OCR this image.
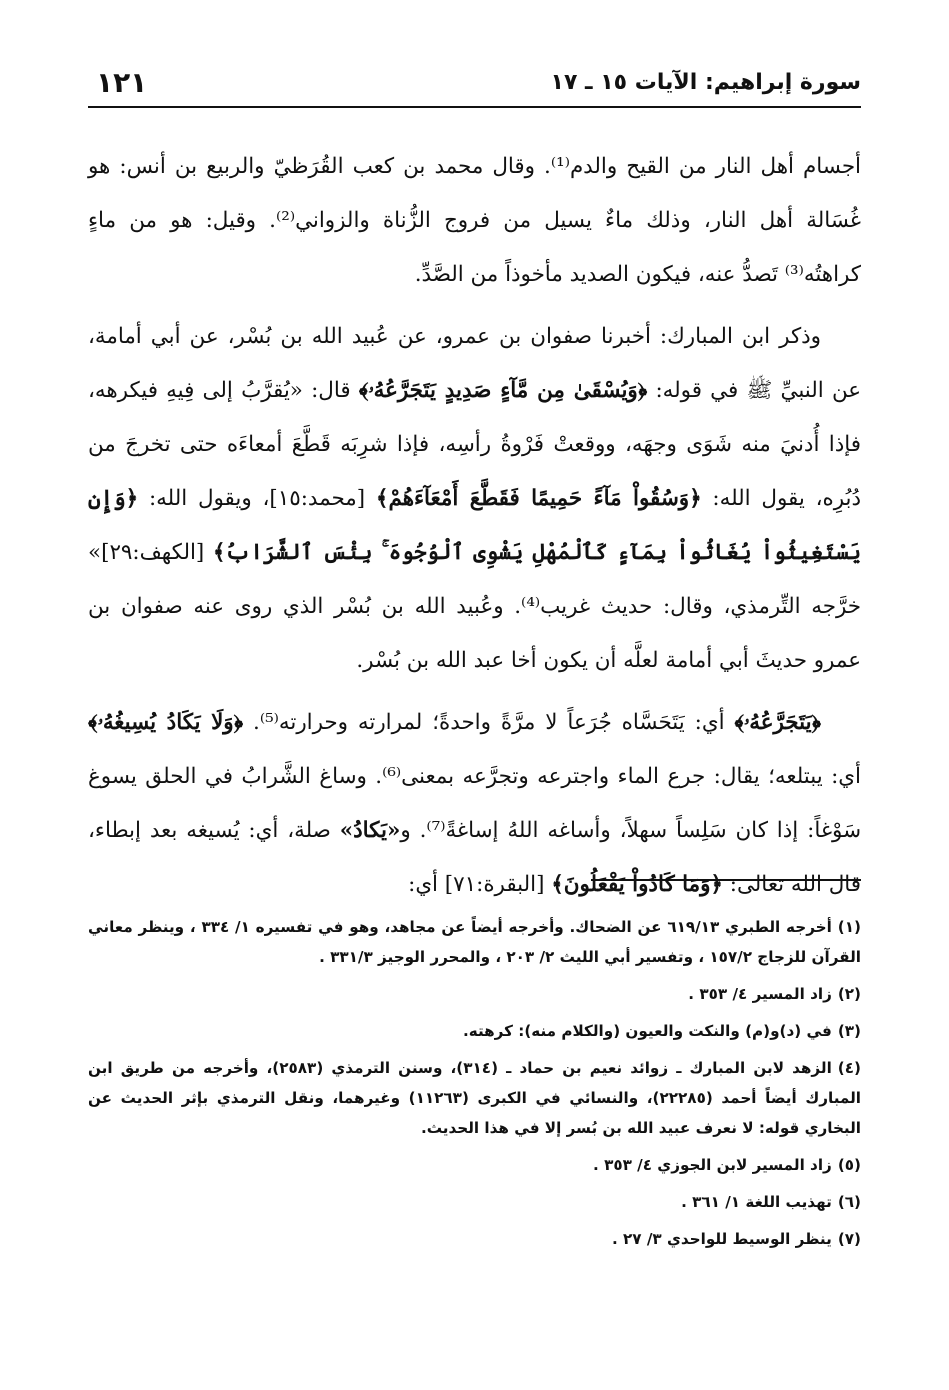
سورة إبراهيم: الآيات ١٥ ـ ١٧
١٢١

أجسام أهل النار من القيح والدم⁽¹⁾. وقال محمد بن كعب القُرَظيّ والربيع بن أنس: هو غُسَالة أهل النار، وذلك ماءٌ يسيل من فروج الزُّناة والزواني⁽²⁾. وقيل: هو من ماءٍ كراهتُه⁽³⁾ تَصدُّ عنه، فيكون الصديد مأخوذاً من الصَّدِّ.

وذكر ابن المبارك: أخبرنا صفوان بن عمرو، عن عُبيد الله بن بُسْر، عن أبي أمامة، عن النبيِّ ﷺ في قوله: ﴿وَيُسْقَىٰ مِن مَّآءٍ صَدِيدٍ يَتَجَرَّعُهُۥ﴾ قال: «يُقرَّبُ إلى فِيهِ فيكرهه، فإذا أُدنيَ منه شَوَى وجهَه، ووقعتْ فَرْوةُ رأسِه، فإذا شرِبَه قَطَّعَ أمعاءَه حتى تخرجَ من دُبُرِه، يقول الله: ﴿وَسُقُواْ مَآءً حَمِيمًا فَقَطَّعَ أَمْعَآءَهُمْ﴾ [محمد:١٥]، ويقول الله: ﴿وَإِن يَسْتَغِيثُواْ يُغَاثُواْ بِمَآءٍ كَٱلْمُهْلِ يَشْوِى ٱلْوُجُوهَ ۚ بِئْسَ ٱلشَّرَابُ﴾ [الكهف:٢٩]» خرَّجه التِّرمذي، وقال: حديث غريب⁽⁴⁾. وعُبيد الله بن بُسْر الذي روى عنه صفوان بن عمرو حديثَ أبي أمامة لعلَّه أن يكون أخا عبد الله بن بُسْر.

﴿يَتَجَرَّعُهُۥ﴾ أي: يَتَحَسَّاه جُرَعاً لا مرَّةً واحدةً؛ لمرارته وحرارته⁽⁵⁾. ﴿وَلَا يَكَادُ يُسِيغُهُۥ﴾ أي: يبتلعه؛ يقال: جرع الماء واجترعه وتجرَّعه بمعنى⁽⁶⁾. وساغ الشَّرابُ في الحلق يسوغ سَوْغاً: إذا كان سَلِساً سهلاً، وأساغه اللهُ إساغةً⁽⁷⁾. و«يَكادُ» صلة، أي: يُسيغه بعد إبطاء، قال الله تعالى: ﴿وَمَا كَادُواْ يَفْعَلُونَ﴾ [البقرة:٧١] أي:

(١)أخرجه الطبري ٦١٩/١٣ عن الضحاك. وأخرجه أيضاً عن مجاهد، وهو في تفسيره ١/ ٣٣٤ ، وينظر معاني القرآن للزجاج ١٥٧/٢ ، وتفسير أبي الليث ٢/ ٢٠٣ ، والمحرر الوجيز ٣٣١/٣ .

(٢)زاد المسير ٤/ ٣٥٣ .

(٣)في (د)و(م) والنكت والعيون (والكلام منه): كرهته.

(٤)الزهد لابن المبارك ـ زوائد نعيم بن حماد ـ (٣١٤)، وسنن الترمذي (٢٥٨٣)، وأخرجه من طريق ابن المبارك أيضاً أحمد (٢٢٢٨٥)، والنسائي في الكبرى (١١٢٦٣) وغيرهما، ونقل الترمذي بإثر الحديث عن البخاري قوله: لا نعرف عبيد الله بن بُسر إلا في هذا الحديث.

(٥)زاد المسير لابن الجوزي ٤/ ٣٥٣ .

(٦)تهذيب اللغة ١/ ٣٦١ .

(٧)ينظر الوسيط للواحدي ٣/ ٢٧ .
